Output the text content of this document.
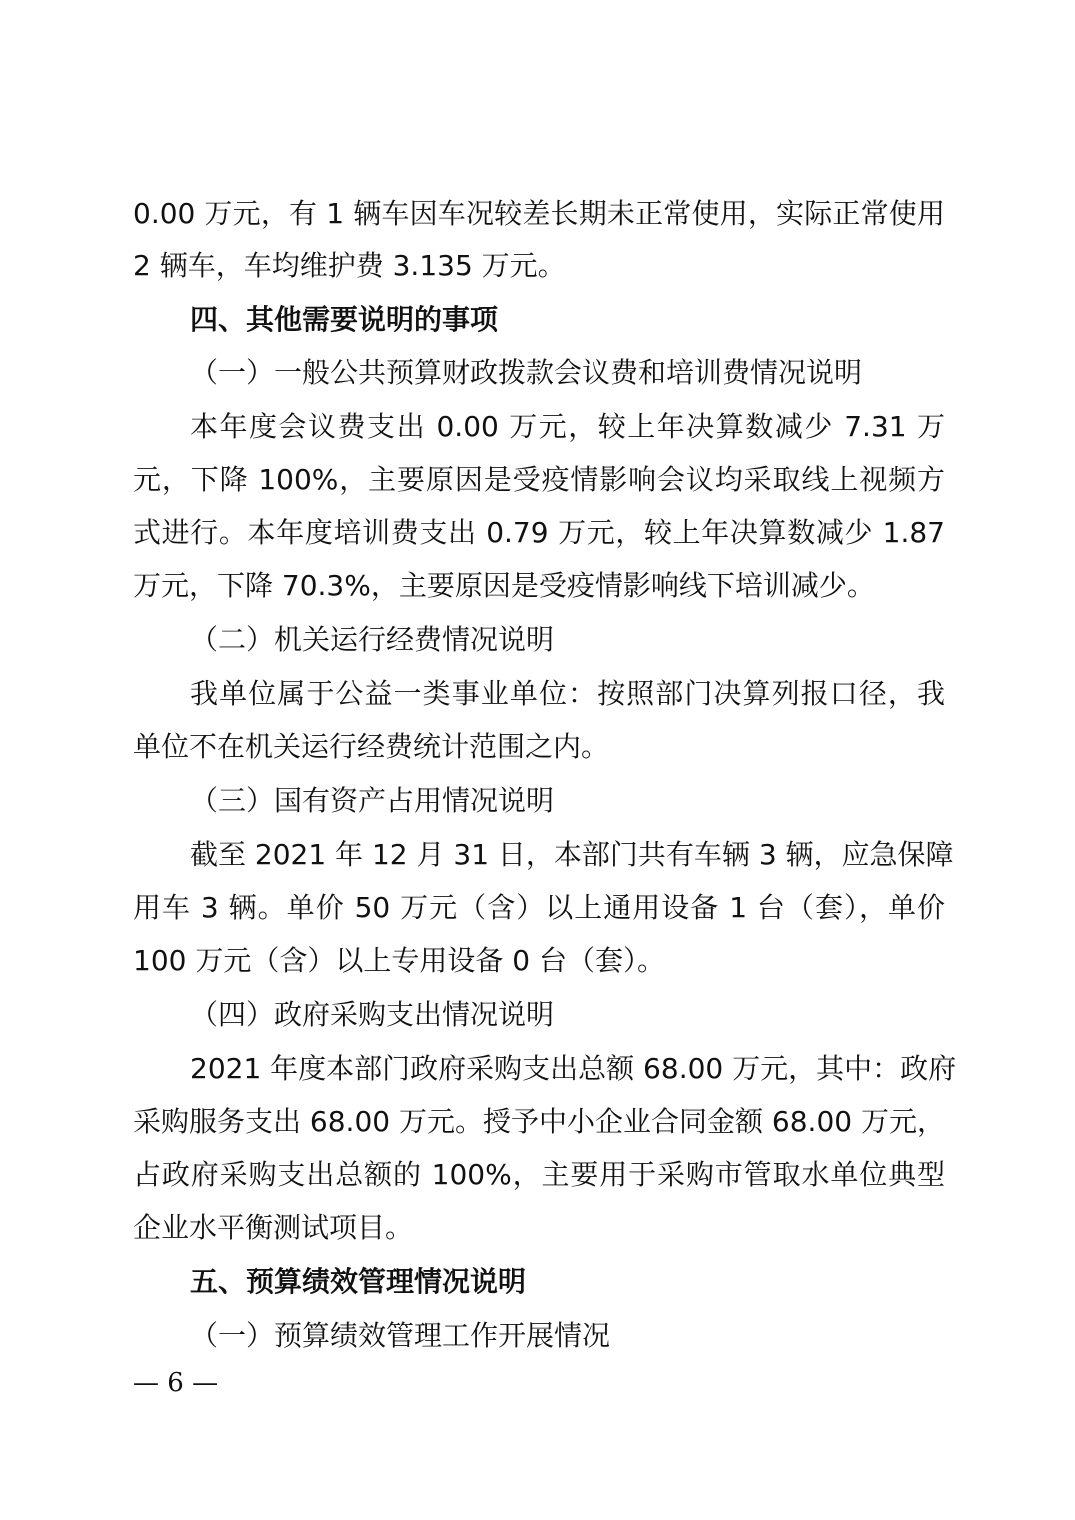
0.00 万元，有 1 辆车因车况较差长期未正常使用，实际正常使用
2 辆车，车均维护费 3.135 万元。
四、其他需要说明的事项
（一）一般公共预算财政拨款会议费和培训费情况说明
本年度会议费支出 0.00 万元，较上年决算数减少 7.31 万
元，下降 100%，主要原因是受疫情影响会议均采取线上视频方
式进行。本年度培训费支出 0.79 万元，较上年决算数减少 1.87
万元，下降 70.3%，主要原因是受疫情影响线下培训减少。
（二）机关运行经费情况说明
我单位属于公益一类事业单位：按照部门决算列报口径，我
单位不在机关运行经费统计范围之内。
（三）国有资产占用情况说明
截至 2021 年 12 月 31 日，本部门共有车辆 3 辆，应急保障
用车 3 辆。单价 50 万元（含）以上通用设备 1 台（套），单价
100 万元（含）以上专用设备 0 台（套）。
（四）政府采购支出情况说明
2021 年度本部门政府采购支出总额 68.00 万元，其中：政府
采购服务支出 68.00 万元。授予中小企业合同金额 68.00 万元，
占政府采购支出总额的 100%，主要用于采购市管取水单位典型
企业水平衡测试项目。
五、预算绩效管理情况说明
（一）预算绩效管理工作开展情况
— 6 —
